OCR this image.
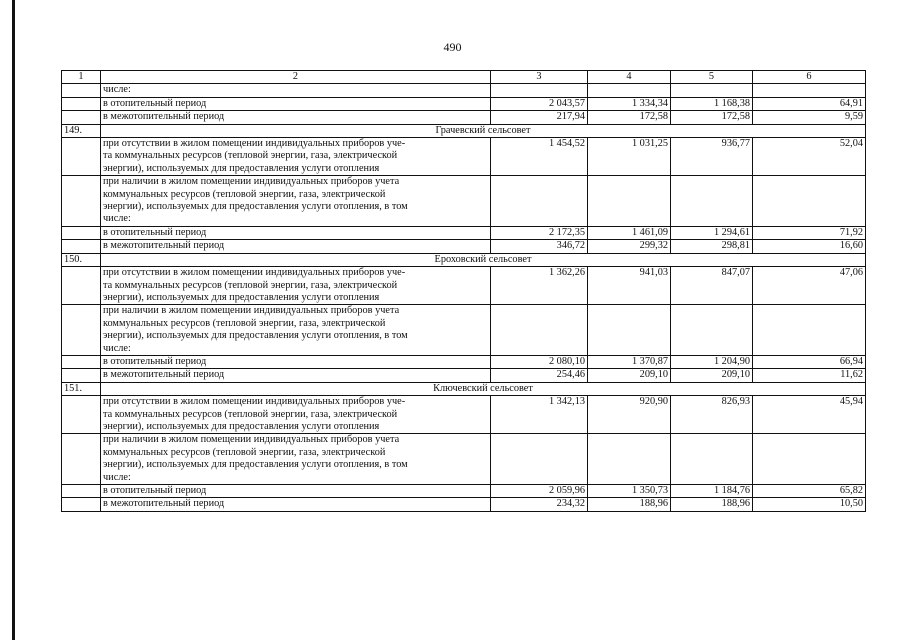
490
1	2	3	4	5	6
	числе:				
	в отопительный период	2 043,57	1 334,34	1 168,38	64,91
	в межотопительный период	217,94	172,58	172,58	9,59
149.	Грачевский сельсовет				
	при отсутствии в жилом помещении индивидуальных приборов уче-
та коммунальных ресурсов (тепловой энергии, газа, электрической
энергии), используемых для предоставления услуги отопления	1 454,52	1 031,25	936,77	52,04
	при наличии в жилом помещении индивидуальных приборов учета
коммунальных ресурсов (тепловой энергии, газа, электрической
энергии), используемых для предоставления услуги отопления, в том
числе:				
	в отопительный период	2 172,35	1 461,09	1 294,61	71,92
	в межотопительный период	346,72	299,32	298,81	16,60
150.	Ероховский сельсовет				
	при отсутствии в жилом помещении индивидуальных приборов уче-
та коммунальных ресурсов (тепловой энергии, газа, электрической
энергии), используемых для предоставления услуги отопления	1 362,26	941,03	847,07	47,06
	при наличии в жилом помещении индивидуальных приборов учета
коммунальных ресурсов (тепловой энергии, газа, электрической
энергии), используемых для предоставления услуги отопления, в том
числе:				
	в отопительный период	2 080,10	1 370,87	1 204,90	66,94
	в межотопительный период	254,46	209,10	209,10	11,62
151.	Ключевский сельсовет				
	при отсутствии в жилом помещении индивидуальных приборов уче-
та коммунальных ресурсов (тепловой энергии, газа, электрической
энергии), используемых для предоставления услуги отопления	1 342,13	920,90	826,93	45,94
	при наличии в жилом помещении индивидуальных приборов учета
коммунальных ресурсов (тепловой энергии, газа, электрической
энергии), используемых для предоставления услуги отопления, в том
числе:				
	в отопительный период	2 059,96	1 350,73	1 184,76	65,82
	в межотопительный период	234,32	188,96	188,96	10,50
